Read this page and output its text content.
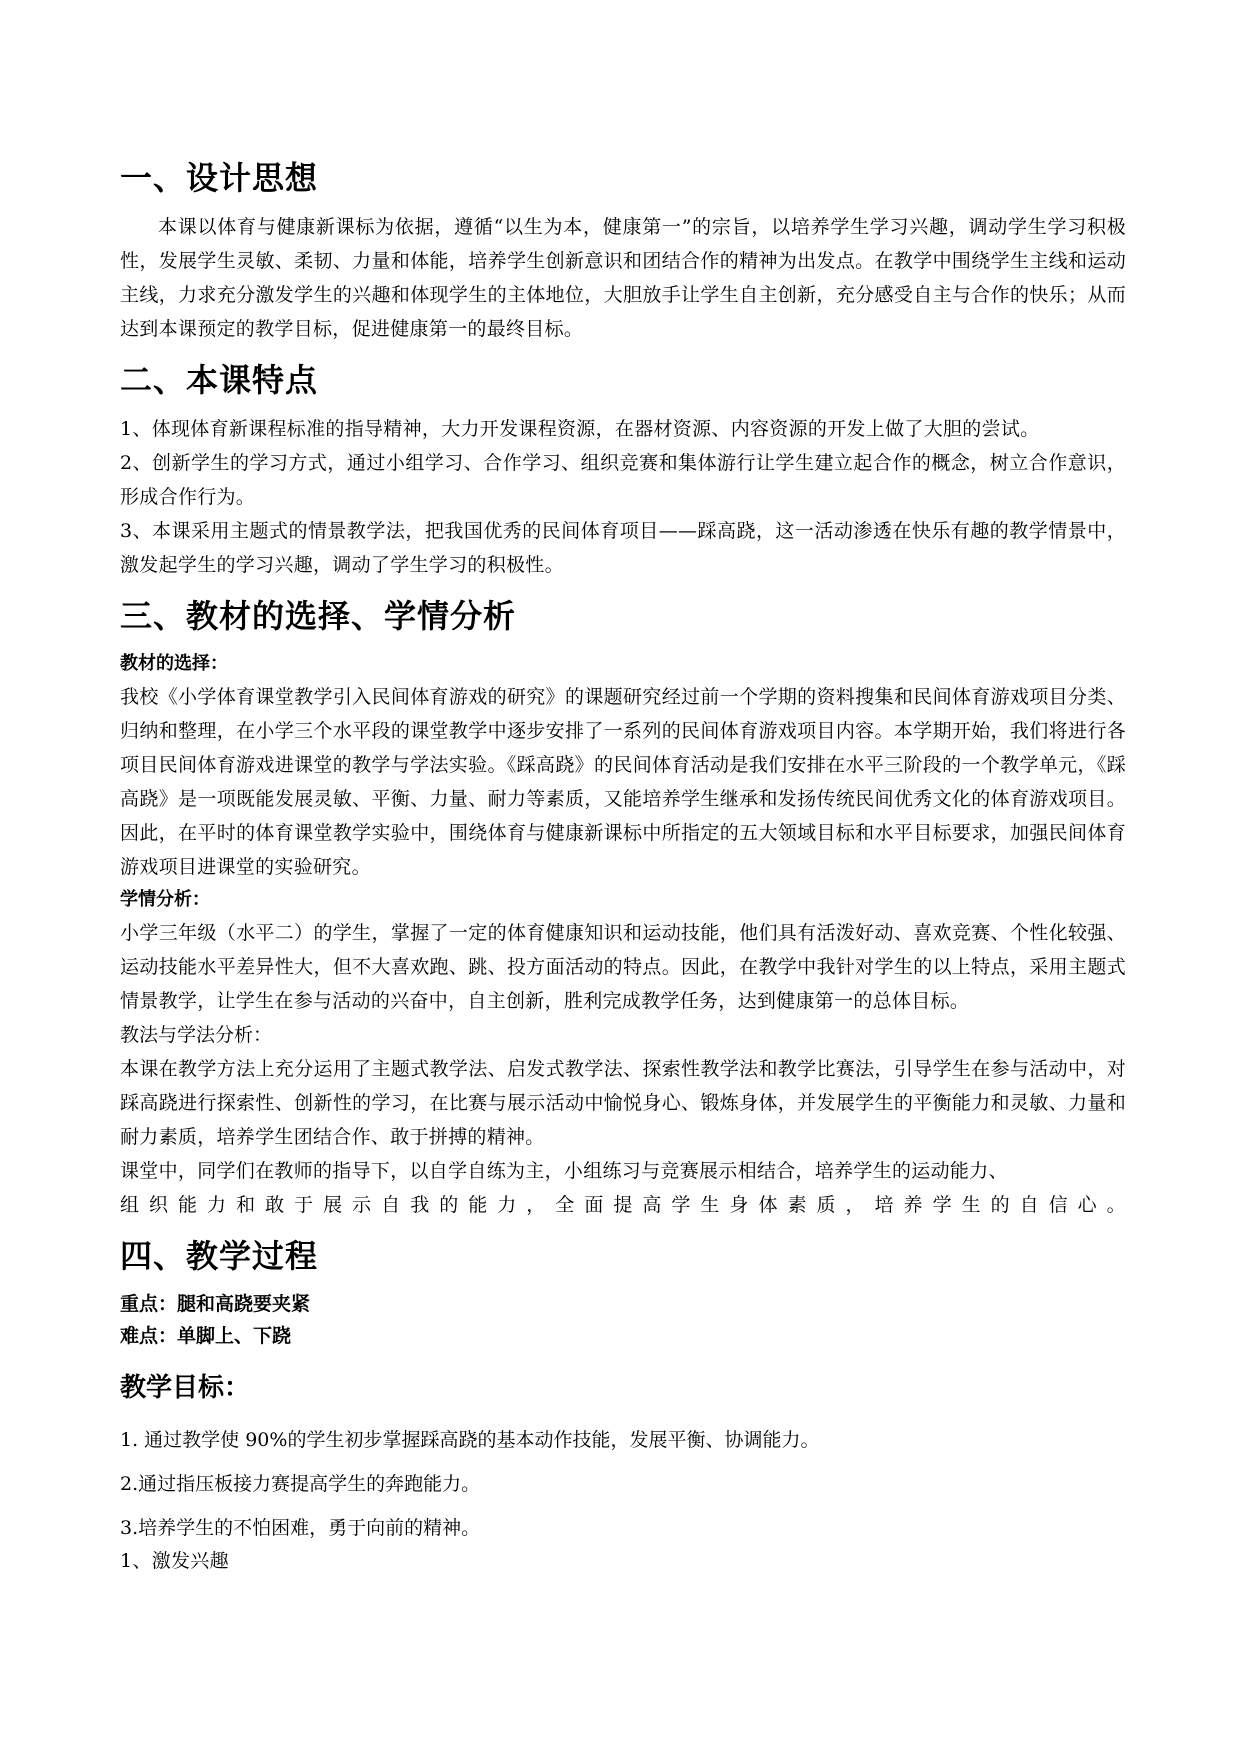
一、设计思想

本课以体育与健康新课标为依据，遵循“以生为本，健康第一”的宗旨，以培养学生学习兴趣，调动学生学习积极性，发展学生灵敏、柔韧、力量和体能，培养学生创新意识和团结合作的精神为出发点。在教学中围绕学生主线和运动主线，力求充分激发学生的兴趣和体现学生的主体地位，大胆放手让学生自主创新，充分感受自主与合作的快乐；从而达到本课预定的教学目标，促进健康第一的最终目标。

二、本课特点

1、体现体育新课程标准的指导精神，大力开发课程资源，在器材资源、内容资源的开发上做了大胆的尝试。

2、创新学生的学习方式，通过小组学习、合作学习、组织竞赛和集体游行让学生建立起合作的概念，树立合作意识，形成合作行为。

3、本课采用主题式的情景教学法，把我国优秀的民间体育项目——踩高跷，这一活动渗透在快乐有趣的教学情景中，激发起学生的学习兴趣，调动了学生学习的积极性。

三、教材的选择、学情分析

教材的选择：

我校《小学体育课堂教学引入民间体育游戏的研究》的课题研究经过前一个学期的资料搜集和民间体育游戏项目分类、归纳和整理，在小学三个水平段的课堂教学中逐步安排了一系列的民间体育游戏项目内容。本学期开始，我们将进行各项目民间体育游戏进课堂的教学与学法实验。《踩高跷》的民间体育活动是我们安排在水平三阶段的一个教学单元，《踩高跷》是一项既能发展灵敏、平衡、力量、耐力等素质，又能培养学生继承和发扬传统民间优秀文化的体育游戏项目。因此，在平时的体育课堂教学实验中，围绕体育与健康新课标中所指定的五大领域目标和水平目标要求，加强民间体育游戏项目进课堂的实验研究。

学情分析：

小学三年级（水平二）的学生，掌握了一定的体育健康知识和运动技能，他们具有活泼好动、喜欢竞赛、个性化较强、运动技能水平差异性大，但不大喜欢跑、跳、投方面活动的特点。因此，在教学中我针对学生的以上特点，采用主题式情景教学，让学生在参与活动的兴奋中，自主创新，胜利完成教学任务，达到健康第一的总体目标。

教法与学法分析：

本课在教学方法上充分运用了主题式教学法、启发式教学法、探索性教学法和教学比赛法，引导学生在参与活动中，对踩高跷进行探索性、创新性的学习，在比赛与展示活动中愉悦身心、锻炼身体，并发展学生的平衡能力和灵敏、力量和耐力素质，培养学生团结合作、敢于拼搏的精神。

课堂中，同学们在教师的指导下，以自学自练为主，小组练习与竞赛展示相结合，培养学生的运动能力、

组织能力和敢于展示自我的能力，全面提高学生身体素质，培养学生的自信心。

四、教学过程

重点：腿和高跷要夹紧

难点：单脚上、下跷

教学目标：

1. 通过教学使 90%的学生初步掌握踩高跷的基本动作技能，发展平衡、协调能力。

2.通过指压板接力赛提高学生的奔跑能力。

3.培养学生的不怕困难，勇于向前的精神。

1、激发兴趣
